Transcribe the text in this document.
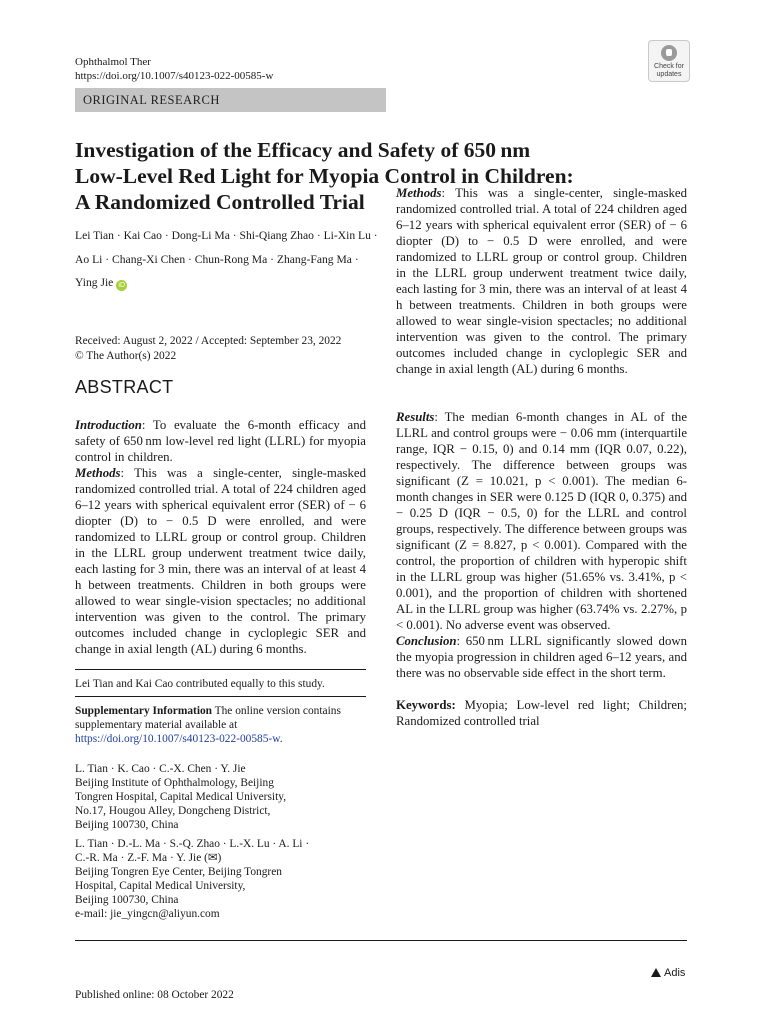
Ophthalmol Ther
https://doi.org/10.1007/s40123-022-00585-w
Check for
updates
ORIGINAL RESEARCH
Investigation of the Efficacy and Safety of 650 nm
Low-Level Red Light for Myopia Control in Children:
A Randomized Controlled Trial
Lei Tian · Kai Cao · Dong-Li Ma · Shi-Qiang Zhao · Li-Xin Lu ·
Ao Li · Chang-Xi Chen · Chun-Rong Ma · Zhang-Fang Ma ·
Ying Jie iD
Received: August 2, 2022 / Accepted: September 23, 2022
© The Author(s) 2022
ABSTRACT

Introduction: To evaluate the 6-month efficacy and safety of 650 nm low-level red light (LLRL) for myopia control in children.

Methods: This was a single-center, single-masked randomized controlled trial. A total of 224 children aged 6–12 years with spherical equivalent error (SER) of − 6 diopter (D) to − 0.5 D were enrolled, and were randomized to LLRL group or control group. Children in the LLRL group underwent treatment twice daily, each lasting for 3 min, there was an interval of at least 4 h between treatments. Children in both groups were allowed to wear single-vision spectacles; no additional intervention was given to the control. The primary outcomes included change in cycloplegic SER and change in axial length (AL) during 6 months.

Methods: This was a single-center, single-masked randomized controlled trial. A total of 224 children aged 6–12 years with spherical equivalent error (SER) of − 6 diopter (D) to − 0.5 D were enrolled, and were randomized to LLRL group or control group. Children in the LLRL group underwent treatment twice daily, each lasting for 3 min, there was an interval of at least 4 h between treatments. Children in both groups were allowed to wear single-vision spectacles; no additional intervention was given to the control. The primary outcomes included change in cycloplegic SER and change in axial length (AL) during 6 months.

Results: The median 6-month changes in AL of the LLRL and control groups were − 0.06 mm (interquartile range, IQR − 0.15, 0) and 0.14 mm (IQR 0.07, 0.22), respectively. The difference between groups was significant (Z = 10.021, p < 0.001). The median 6-month changes in SER were 0.125 D (IQR 0, 0.375) and − 0.25 D (IQR − 0.5, 0) for the LLRL and control groups, respectively. The difference between groups was significant (Z = 8.827, p < 0.001). Compared with the control, the proportion of children with hyperopic shift in the LLRL group was higher (51.65% vs. 3.41%, p < 0.001), and the proportion of children with shortened AL in the LLRL group was higher (63.74% vs. 2.27%, p < 0.001). No adverse event was observed.

Conclusion: 650 nm LLRL significantly slowed down the myopia progression in children aged 6–12 years, and there was no observable side effect in the short term.

Keywords: Myopia; Low-level red light; Children; Randomized controlled trial

Lei Tian and Kai Cao contributed equally to this study.
Supplementary Information The online version contains supplementary material available at https://doi.org/10.1007/s40123-022-00585-w.
L. Tian · K. Cao · C.-X. Chen · Y. Jie
Beijing Institute of Ophthalmology, Beijing
Tongren Hospital, Capital Medical University,
No.17, Hougou Alley, Dongcheng District,
Beijing 100730, China
L. Tian · D.-L. Ma · S.-Q. Zhao · L.-X. Lu · A. Li ·
C.-R. Ma · Z.-F. Ma · Y. Jie (✉)
Beijing Tongren Eye Center, Beijing Tongren
Hospital, Capital Medical University,
Beijing 100730, China
e-mail: jie_yingcn@aliyun.com
Adis
Published online: 08 October 2022
